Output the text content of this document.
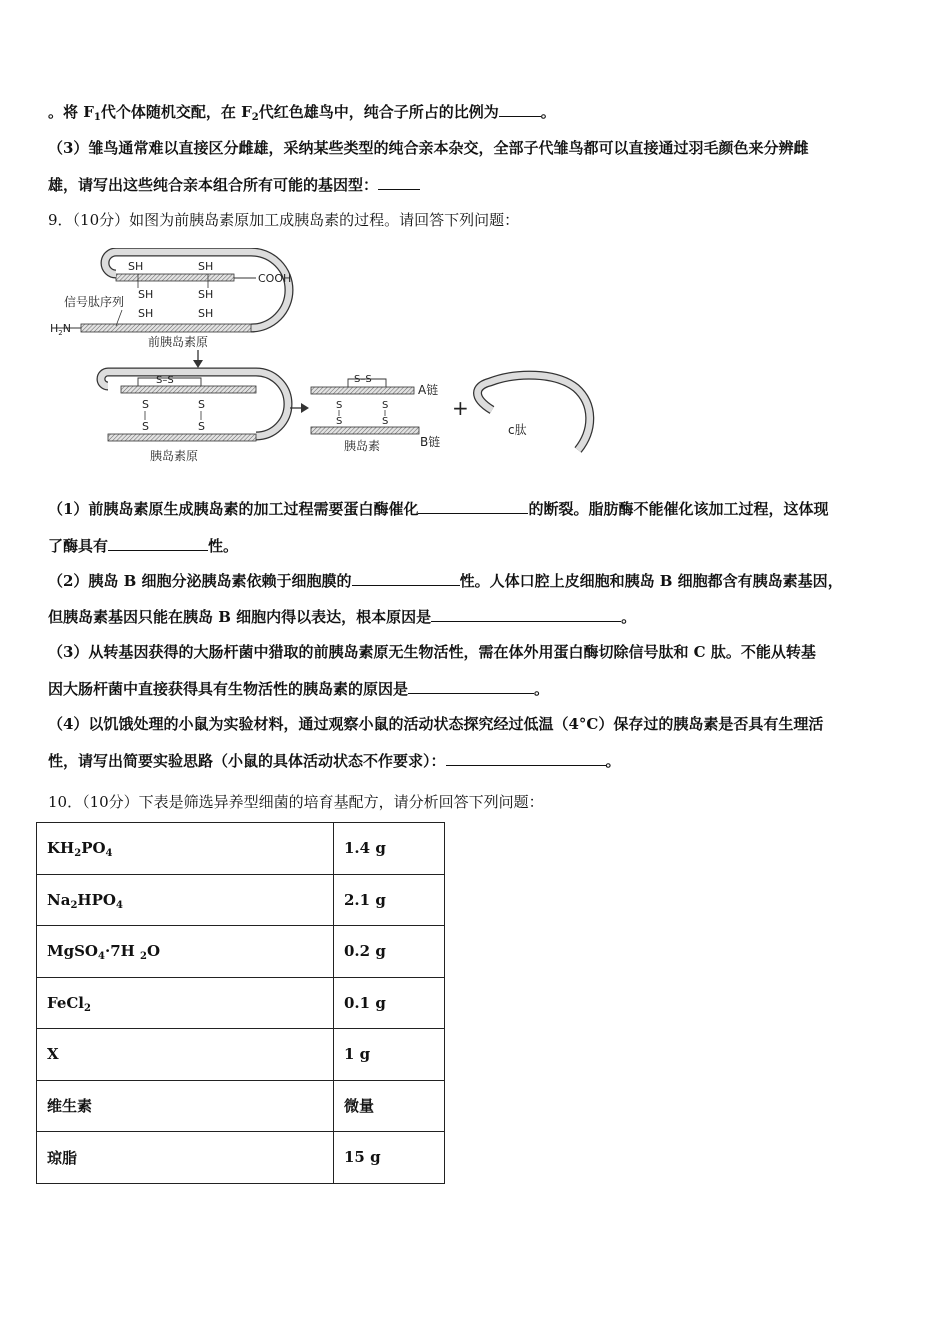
。将 $F_1$代个体随机交配，在 $F_2$代红色雄鸟中，纯合子所占的比例为	。
（3）雏鸟通常难以直接区分雌雄，采纳某些类型的纯合亲本杂交，全部子代雏鸟都可以直接通过羽毛颜色来分辨雌
雄，请写出这些纯合亲本组合所有可能的基因型：
9．（10分）如图为前胰岛素原加工成胰岛素的过程。请回答下列问题：
SH	SH
SH	SH
SH	SH
COOH
信号肽序列
$H_2N$
前胰岛素原
S–S
S
S
S
S
胰岛素原
S–S
A链
S
S
S
S
胰岛素	B链
+
c肽
（1）前胰岛素原生成胰岛素的加工过程需要蛋白酶催化	的断裂。脂肪酶不能催化该加工过程，这体现
了酶具有	性。
（2）胰岛 B 细胞分泌胰岛素依赖于细胞膜的	性。人体口腔上皮细胞和胰岛 B 细胞都含有胰岛素基因，
但胰岛素基因只能在胰岛 B 细胞内得以表达，根本原因是	。
（3）从转基因获得的大肠杆菌中猎取的前胰岛素原无生物活性，需在体外用蛋白酶切除信号肽和 C 肽。不能从转基
因大肠杆菌中直接获得具有生物活性的胰岛素的原因是	。
（4）以饥饿处理的小鼠为实验材料，通过观察小鼠的活动状态探究经过低温（4°C）保存过的胰岛素是否具有生理活
性，请写出简要实验思路（小鼠的具体活动状态不作要求）：	。
10．（10分）下表是筛选异养型细菌的培育基配方，请分析回答下列问题：
$KH_2PO_4$	1.4 g
$Na_2HPO_4$	2.1 g
MgSO$_4$·7H $_2$O	0.2 g
FeCl$_2$	0.1 g
X	1 g
维生素	微量
琼脂	15 g
